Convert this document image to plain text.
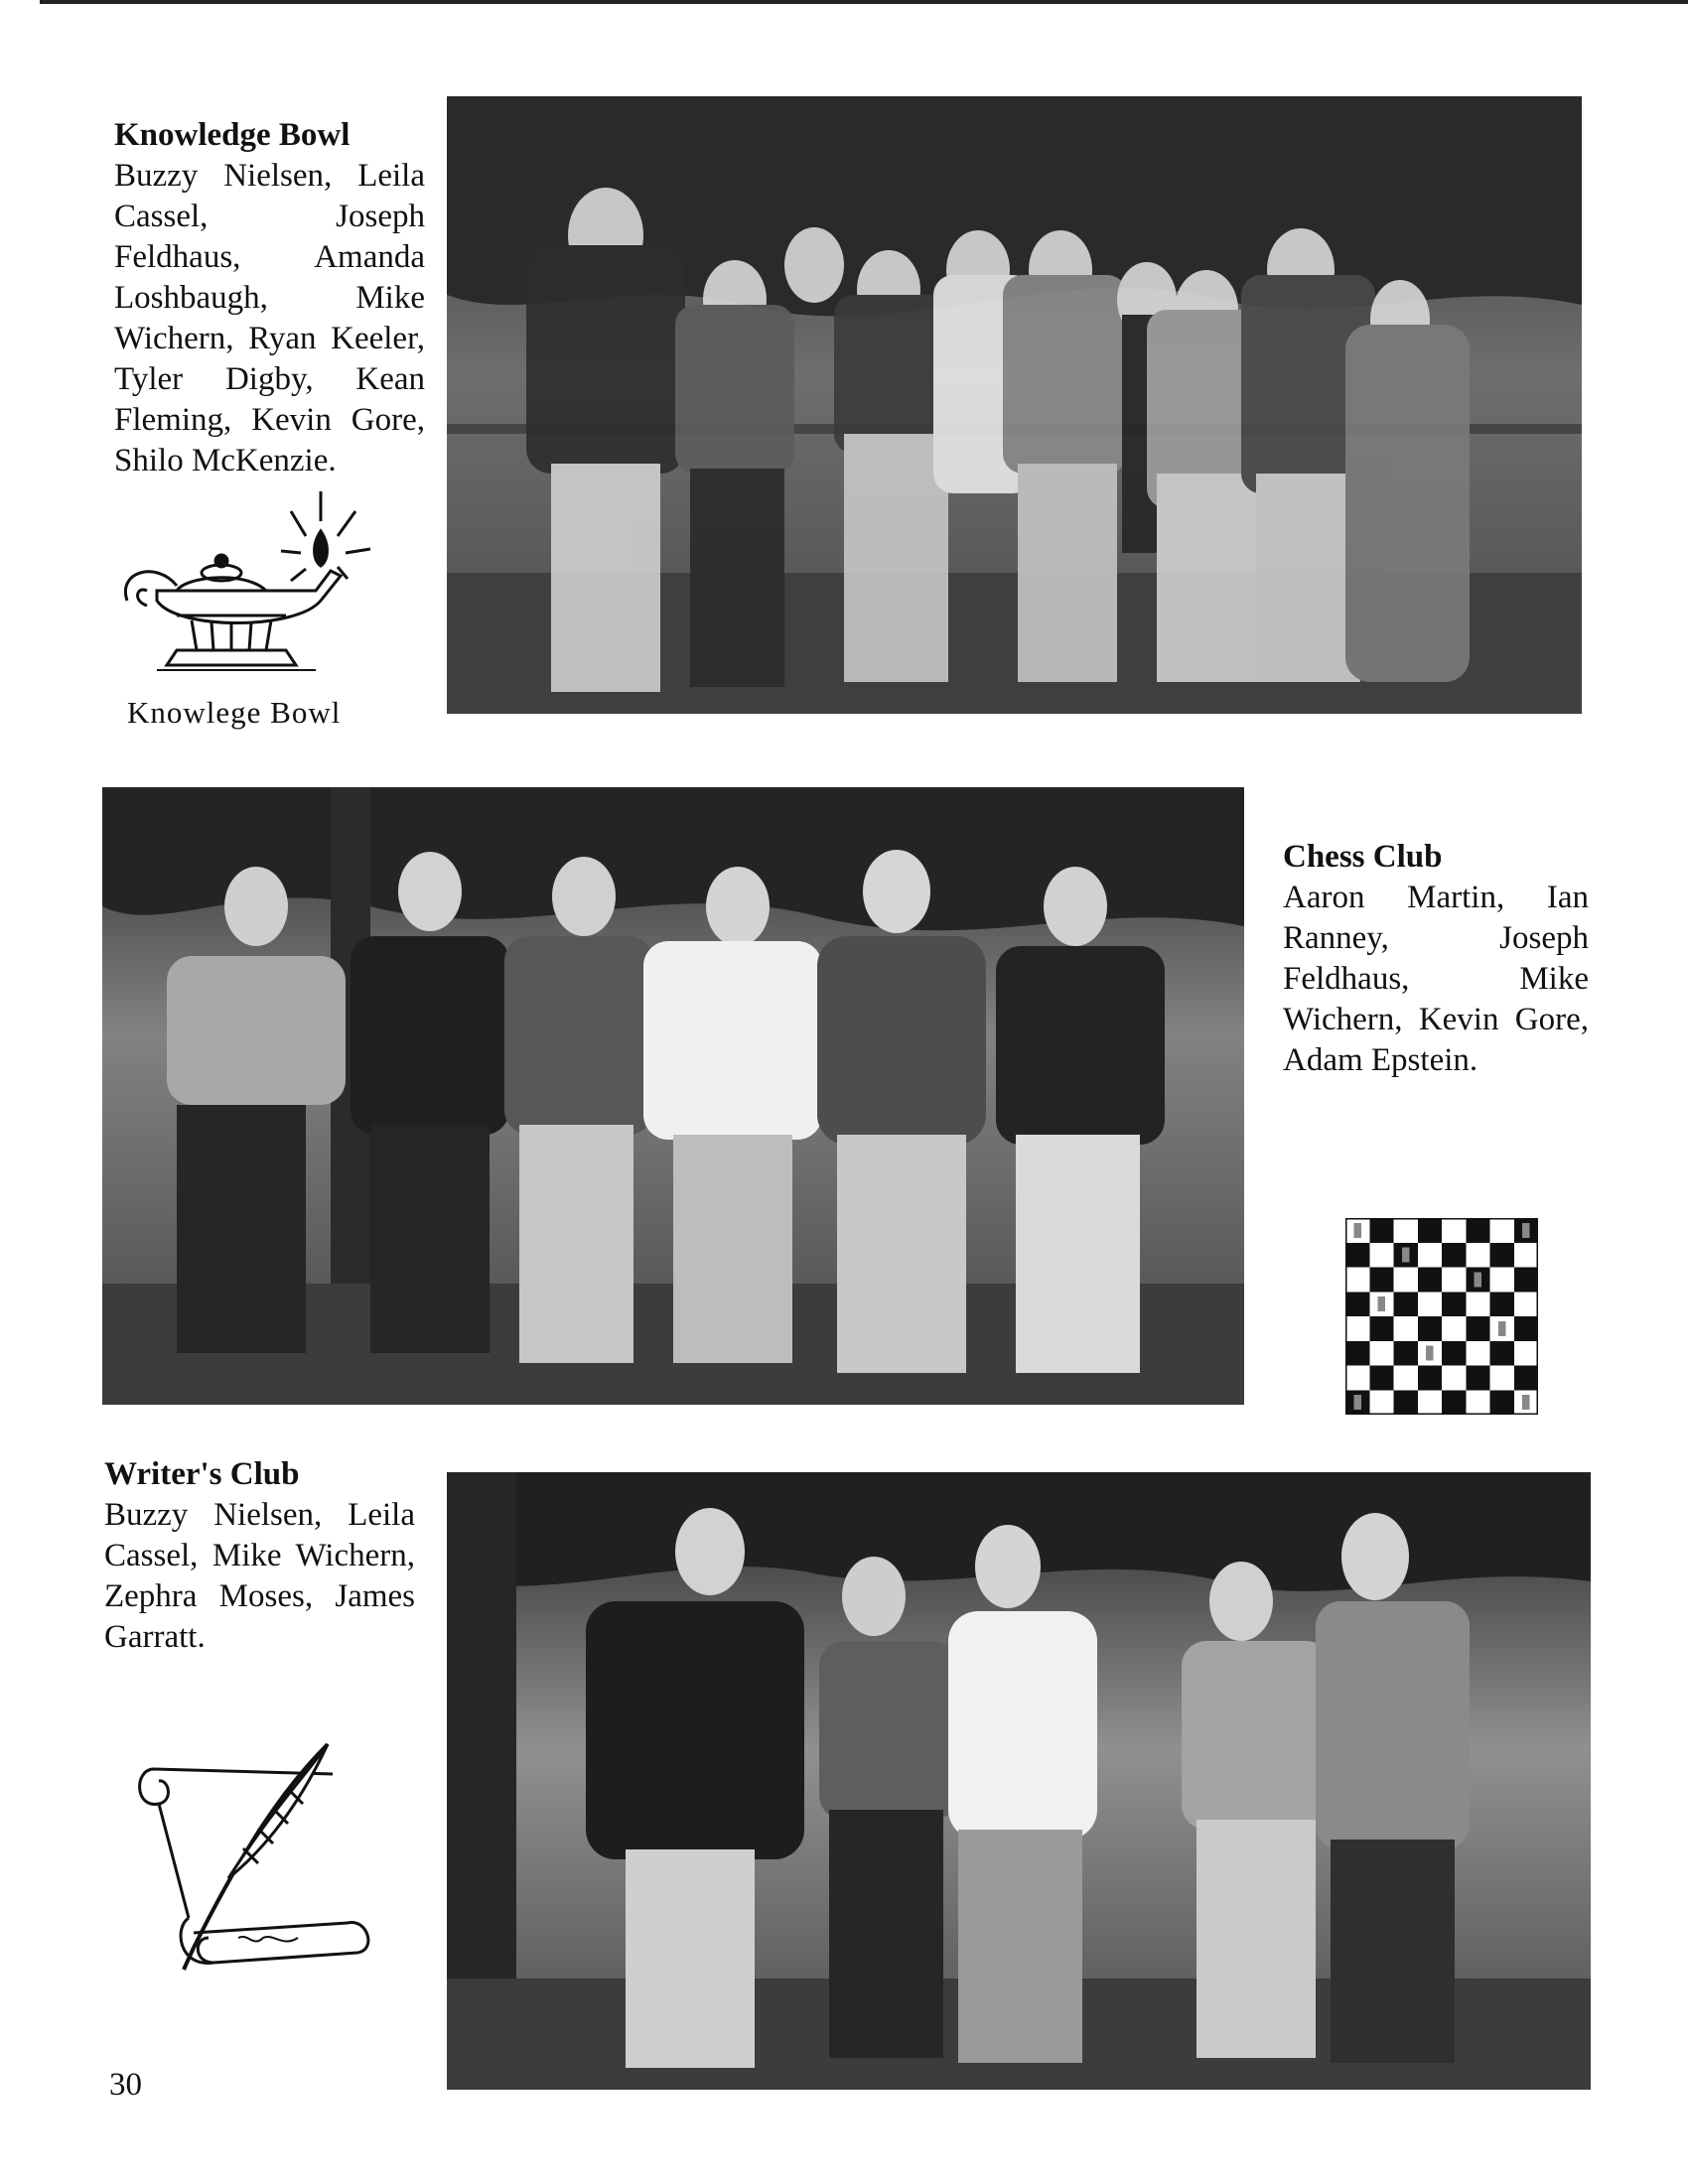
Knowledge Bowl
Buzzy Nielsen, Leila Cassel, Joseph Feldhaus, Amanda Loshbaugh, Mike Wichern, Ryan Keeler, Tyler Digby, Kean Fleming, Kevin Gore, Shilo McKenzie.
Knowlege Bowl
Chess Club
Aaron Martin, Ian Ranney, Joseph Feldhaus, Mike Wichern, Kevin Gore, Adam Epstein.
Writer's Club
Buzzy Nielsen, Leila Cassel, Mike Wichern, Zephra Moses, James Garratt.
30
